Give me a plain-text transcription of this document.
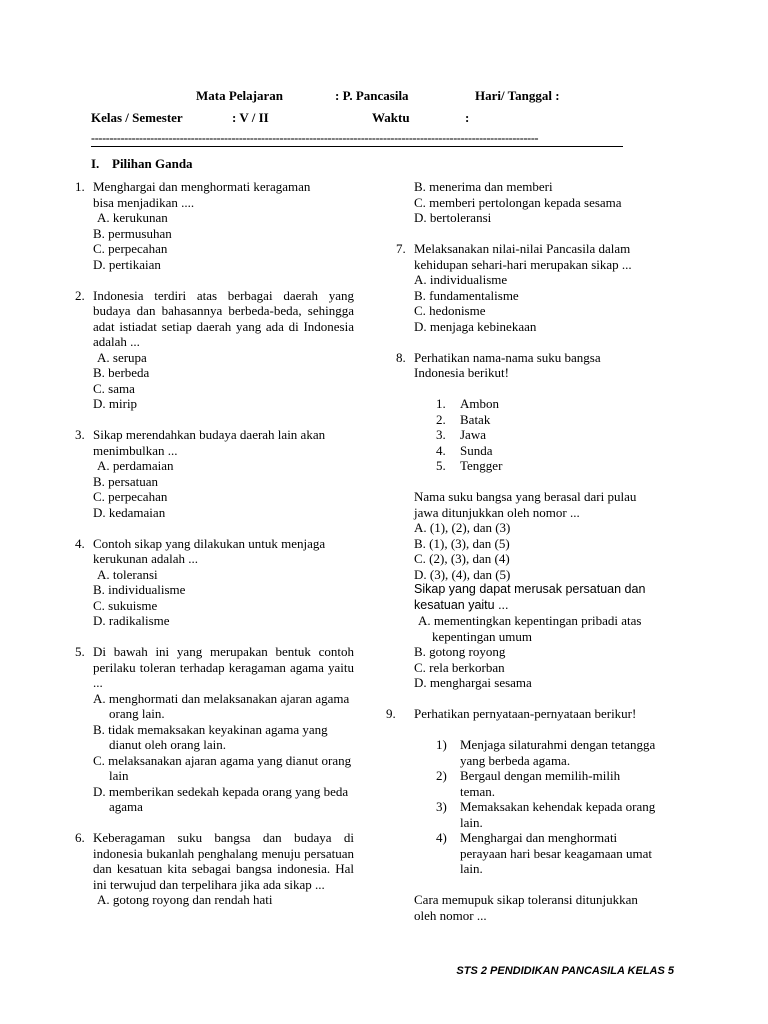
Mata Pelajaran	: P. Pancasila	Hari/ Tanggal :
Kelas / Semester	: V / II	Waktu	:
-------------------------------------------------------------------------------------------------------------------------
I. Pilihan Ganda
1. Menghargai dan menghormati keragaman
bisa menjadikan ....
A. kerukunan
B. permusuhan
C. perpecahan
D. pertikaian
2. Indonesia terdiri atas berbagai daerah yang budaya dan bahasannya berbeda-beda, sehingga adat istiadat setiap daerah yang ada di Indonesia adalah ...
A. serupa
B. berbeda
C. sama
D. mirip
3. Sikap merendahkan budaya daerah lain akan
menimbulkan ...
A. perdamaian
B. persatuan
C. perpecahan
D. kedamaian
4. Contoh sikap yang dilakukan untuk menjaga
kerukunan adalah ...
A. toleransi
B. individualisme
C. sukuisme
D. radikalisme
5. Di bawah ini yang merupakan bentuk contoh perilaku toleran terhadap keragaman agama yaitu ...
A. menghormati dan melaksanakan ajaran agama orang lain.
B. tidak memaksakan keyakinan agama yang dianut oleh orang lain.
C. melaksanakan ajaran agama yang dianut orang lain
D. memberikan sedekah kepada orang yang beda agama
6. Keberagaman suku bangsa dan budaya di indonesia bukanlah penghalang menuju persatuan dan kesatuan kita sebagai bangsa indonesia. Hal ini terwujud dan terpelihara jika ada sikap ...
A. gotong royong dan rendah hati
B. menerima dan memberi
C. memberi pertolongan kepada sesama
D. bertoleransi
7. Melaksanakan nilai-nilai Pancasila dalam
kehidupan sehari-hari merupakan sikap ...
A. individualisme
B. fundamentalisme
C. hedonisme
D. menjaga kebinekaan
8. Perhatikan nama-nama suku bangsa
Indonesia berikut!
1. Ambon
2. Batak
3. Jawa
4. Sunda
5. Tengger
Nama suku bangsa yang berasal dari pulau
jawa ditunjukkan oleh nomor ...
A. (1), (2), dan (3)
B. (1), (3), dan (5)
C. (2), (3), dan (4)
D. (3), (4), dan (5)
Sikap yang dapat merusak persatuan dan
kesatuan yaitu ...
A. mementingkan kepentingan pribadi atas
kepentingan umum
B. gotong royong
C. rela berkorban
D. menghargai sesama
9. Perhatikan pernyataan-pernyataan berikur!
1) Menjaga silaturahmi dengan tetangga
yang berbeda agama.
2) Bergaul dengan memilih-milih
teman.
3) Memaksakan kehendak kepada orang
lain.
4) Menghargai dan menghormati
perayaan hari besar keagamaan umat
lain.
Cara memupuk sikap toleransi ditunjukkan
oleh nomor ...
STS 2 PENDIDIKAN PANCASILA KELAS 5
